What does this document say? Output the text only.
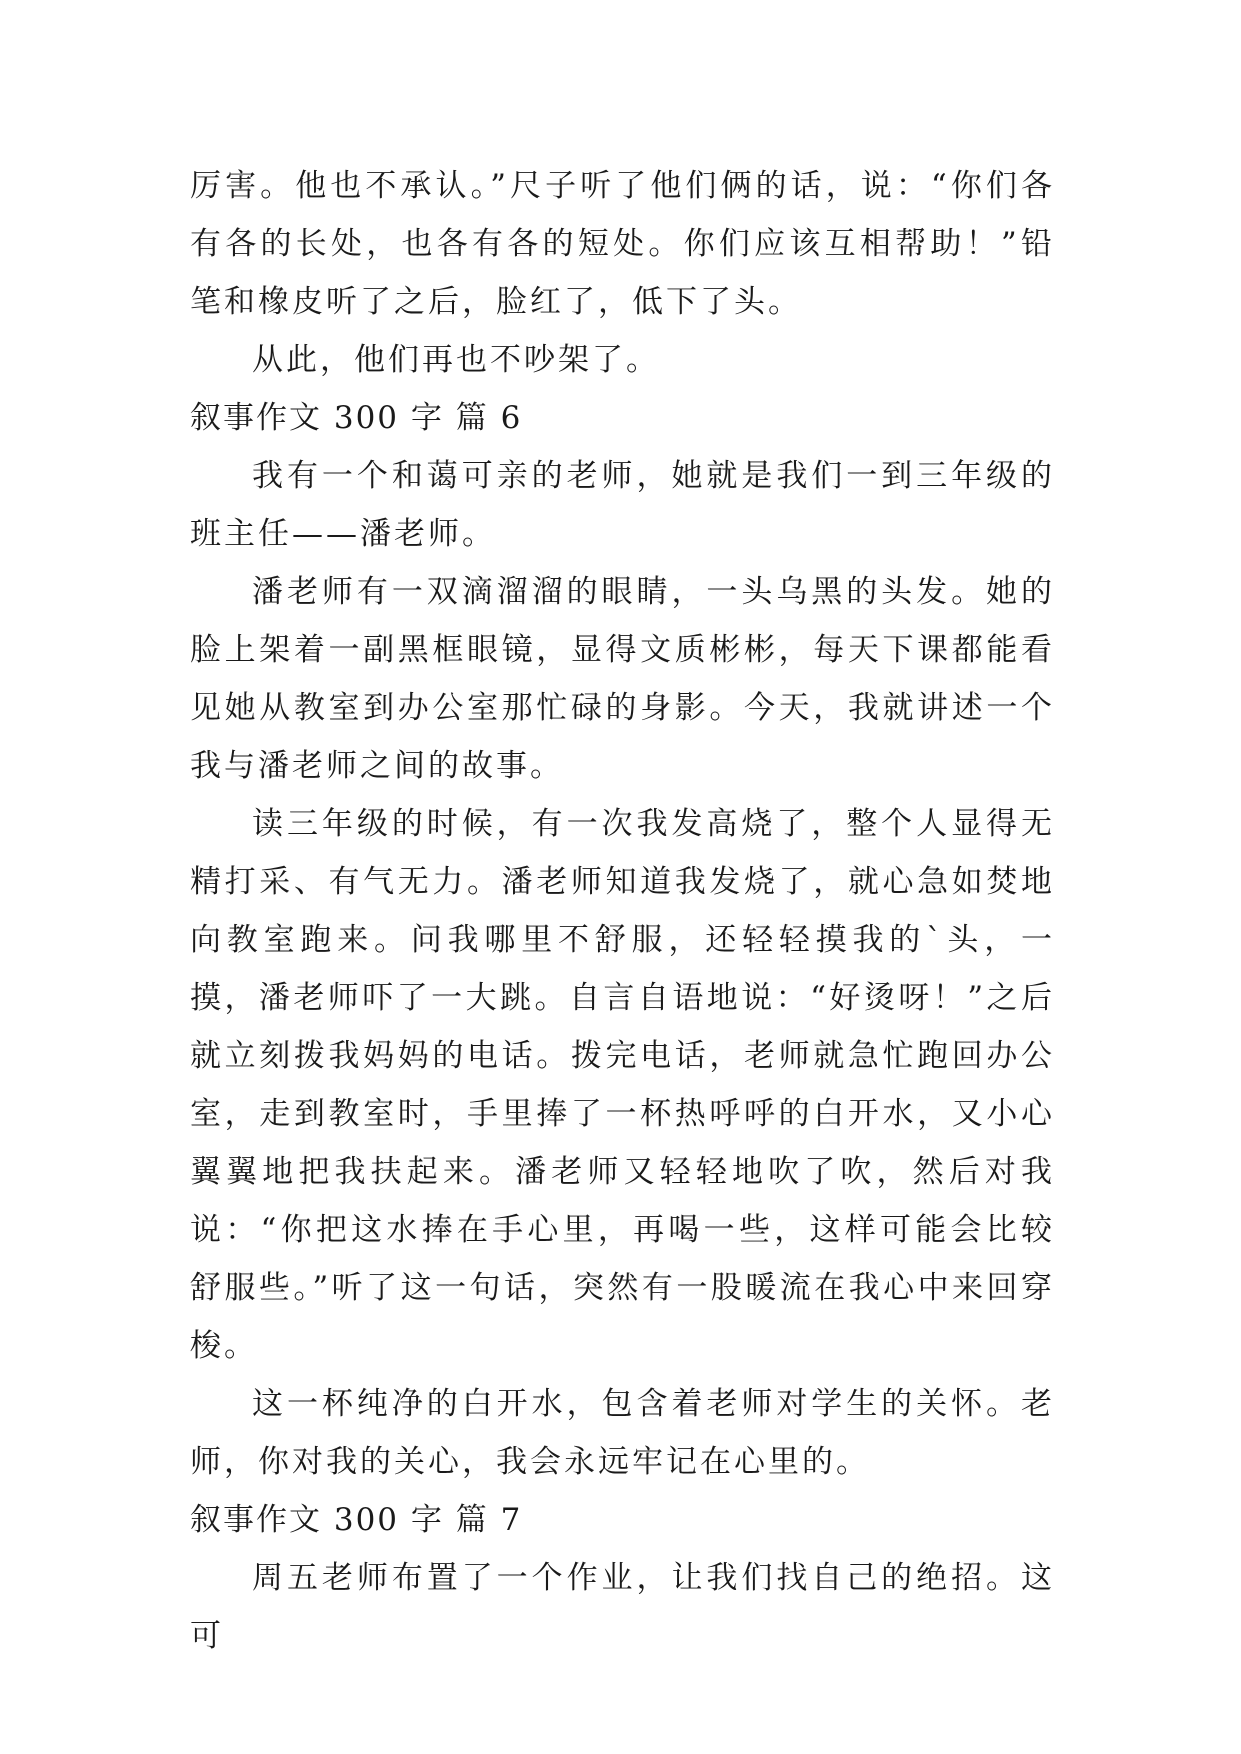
厉害。他也不承认。”尺子听了他们俩的话，说：“你们各有各的长处，也各有各的短处。你们应该互相帮助！”铅笔和橡皮听了之后，脸红了，低下了头。

从此，他们再也不吵架了。

叙事作文 300 字 篇 6

我有一个和蔼可亲的老师，她就是我们一到三年级的班主任——潘老师。

潘老师有一双滴溜溜的眼睛，一头乌黑的头发。她的脸上架着一副黑框眼镜，显得文质彬彬，每天下课都能看见她从教室到办公室那忙碌的身影。今天，我就讲述一个我与潘老师之间的故事。

读三年级的时候，有一次我发高烧了，整个人显得无精打采、有气无力。潘老师知道我发烧了，就心急如焚地向教室跑来。问我哪里不舒服，还轻轻摸我的`头，一摸，潘老师吓了一大跳。自言自语地说：“好烫呀！”之后就立刻拨我妈妈的电话。拨完电话，老师就急忙跑回办公室，走到教室时，手里捧了一杯热呼呼的白开水，又小心翼翼地把我扶起来。潘老师又轻轻地吹了吹，然后对我说：“你把这水捧在手心里，再喝一些，这样可能会比较舒服些。”听了这一句话，突然有一股暖流在我心中来回穿梭。

这一杯纯净的白开水，包含着老师对学生的关怀。老师，你对我的关心，我会永远牢记在心里的。

叙事作文 300 字 篇 7

周五老师布置了一个作业，让我们找自己的绝招。这可
